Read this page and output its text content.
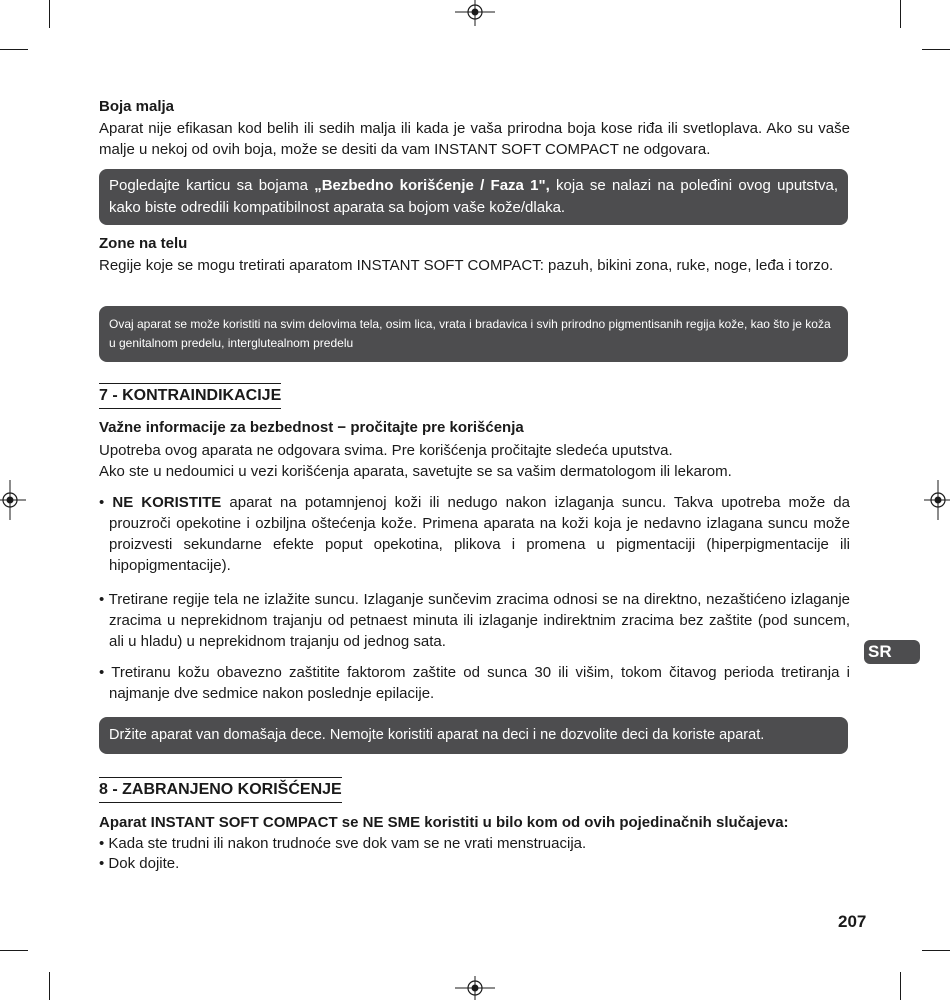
Boja malja
Aparat nije efikasan kod belih ili sedih malja ili kada je vaša prirodna boja kose riđa ili svetloplava. Ako su vaše malje u nekoj od ovih boja, može se desiti da vam INSTANT SOFT COMPACT ne odgovara.
Pogledajte karticu sa bojama „Bezbedno korišćenje / Faza 1", koja se nalazi na poleđini ovog uputstva, kako biste odredili kompatibilnost aparata sa bojom vaše kože/dlaka.
Zone na telu
Regije koje se mogu tretirati aparatom INSTANT SOFT COMPACT: pazuh, bikini zona, ruke, noge, leđa i torzo.
Ovaj aparat se može koristiti na svim delovima tela, osim lica, vrata i bradavica i svih prirodno pigmentisanih regija kože, kao što je koža u genitalnom predelu, interglutealnom predelu
7 - KONTRAINDIKACIJE
Važne informacije za bezbednost − pročitajte pre korišćenja
Upotreba ovog aparata ne odgovara svima. Pre korišćenja pročitajte sledeća uputstva.
Ako ste u nedoumici u vezi korišćenja aparata, savetujte se sa vašim dermatologom ili lekarom.
• NE KORISTITE aparat na potamnjenoj koži ili nedugo nakon izlaganja suncu. Takva upotreba može da prouzroči opekotine i ozbiljna oštećenja kože. Primena aparata na koži koja je nedavno izlagana suncu može proizvesti sekundarne efekte poput opekotina, plikova i promena u pigmentaciji (hiperpigmentacije ili hipopigmentacije).
• Tretirane regije tela ne izlažite suncu. Izlaganje sunčevim zracima odnosi se na direktno, nezaštićeno izlaganje zracima u neprekidnom trajanju od petnaest minuta ili izlaganje indirektnim zracima bez zaštite (pod suncem, ali u hladu) u neprekidnom trajanju od jednog sata.
• Tretiranu kožu obavezno zaštitite faktorom zaštite od sunca 30 ili višim, tokom čitavog perioda tretiranja i najmanje dve sedmice nakon poslednje epilacije.
Držite aparat van domašaja dece. Nemojte koristiti aparat na deci i ne dozvolite deci da koriste aparat.
8 - ZABRANJENO KORIŠĆENJE
Aparat INSTANT SOFT COMPACT se NE SME koristiti u bilo kom od ovih pojedinačnih slučajeva:
• Kada ste trudni ili nakon trudnoće sve dok vam se ne vrati menstruacija.
• Dok dojite.
SR
207
